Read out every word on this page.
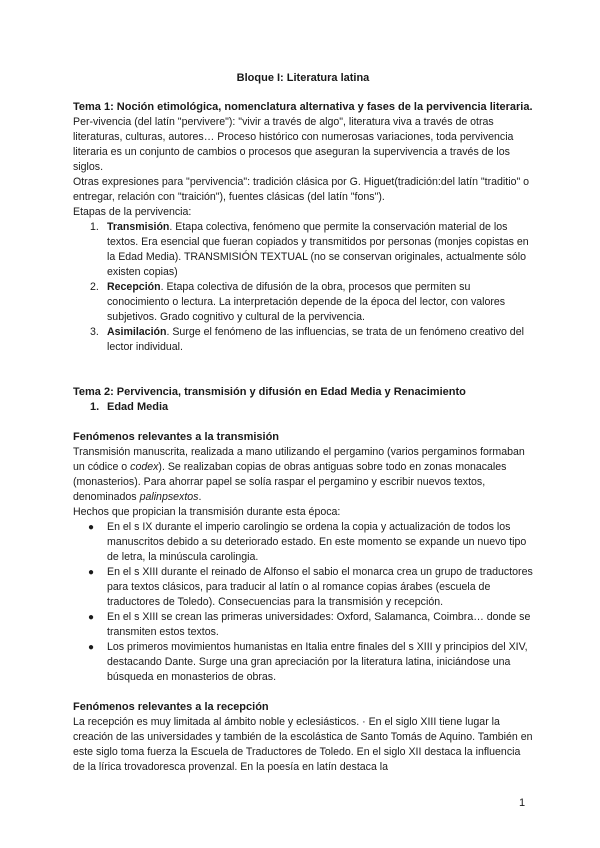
Bloque I: Literatura latina
Tema 1: Noción etimológica, nomenclatura alternativa y fases de la pervivencia literaria.

Per-vivencia (del latín "pervivere"): "vivir a través de algo", literatura viva a través de otras literaturas, culturas, autores… Proceso histórico con numerosas variaciones, toda pervivencia literaria es un conjunto de cambios o procesos que aseguran la supervivencia a través de los siglos.

Otras expresiones para "pervivencia": tradición clásica por G. Higuet(tradición:del latín "traditio" o entregar, relación con "traición"), fuentes clásicas (del latín "fons").

Etapas de la pervivencia:

1. Transmisión. Etapa colectiva, fenómeno que permite la conservación material de los textos. Era esencial que fueran copiados y transmitidos por personas (monjes copistas en la Edad Media). TRANSMISIÓN TEXTUAL (no se conservan originales, actualmente sólo existen copias)
2. Recepción. Etapa colectiva de difusión de la obra, procesos que permiten su conocimiento o lectura. La interpretación depende de la época del lector, con valores subjetivos. Grado cognitivo y cultural de la pervivencia.
3. Asimilación. Surge el fenómeno de las influencias, se trata de un fenómeno creativo del lector individual.
Tema 2: Pervivencia, transmisión y difusión en Edad Media y Renacimiento
1. Edad Media
Fenómenos relevantes a la transmisión

Transmisión manuscrita, realizada a mano utilizando el pergamino (varios pergaminos formaban un códice o codex). Se realizaban copias de obras antiguas sobre todo en zonas monacales (monasterios). Para ahorrar papel se solía raspar el pergamino y escribir nuevos textos, denominados palinpsextos.

Hechos que propician la transmisión durante esta época:

● En el s IX durante el imperio carolingio se ordena la copia y actualización de todos los manuscritos debido a su deteriorado estado. En este momento se expande un nuevo tipo de letra, la minúscula carolingia.
● En el s XIII durante el reinado de Alfonso el sabio el monarca crea un grupo de traductores para textos clásicos, para traducir al latín o al romance copias árabes (escuela de traductores de Toledo). Consecuencias para la transmisión y recepción.
● En el s XIII se crean las primeras universidades: Oxford, Salamanca, Coimbra… donde se transmiten estos textos.
● Los primeros movimientos humanistas en Italia entre finales del s XIII y principios del XIV, destacando Dante. Surge una gran apreciación por la literatura latina, iniciándose una búsqueda en monasterios de obras.
Fenómenos relevantes a la recepción

La recepción es muy limitada al ámbito noble y eclesiásticos. · En el siglo XIII tiene lugar la creación de las universidades y también de la escolástica de Santo Tomás de Aquino. También en este siglo toma fuerza la Escuela de Traductores de Toledo. En el siglo XII destaca la influencia de la lírica trovadoresca provenzal. En la poesía en latín destaca la

1
